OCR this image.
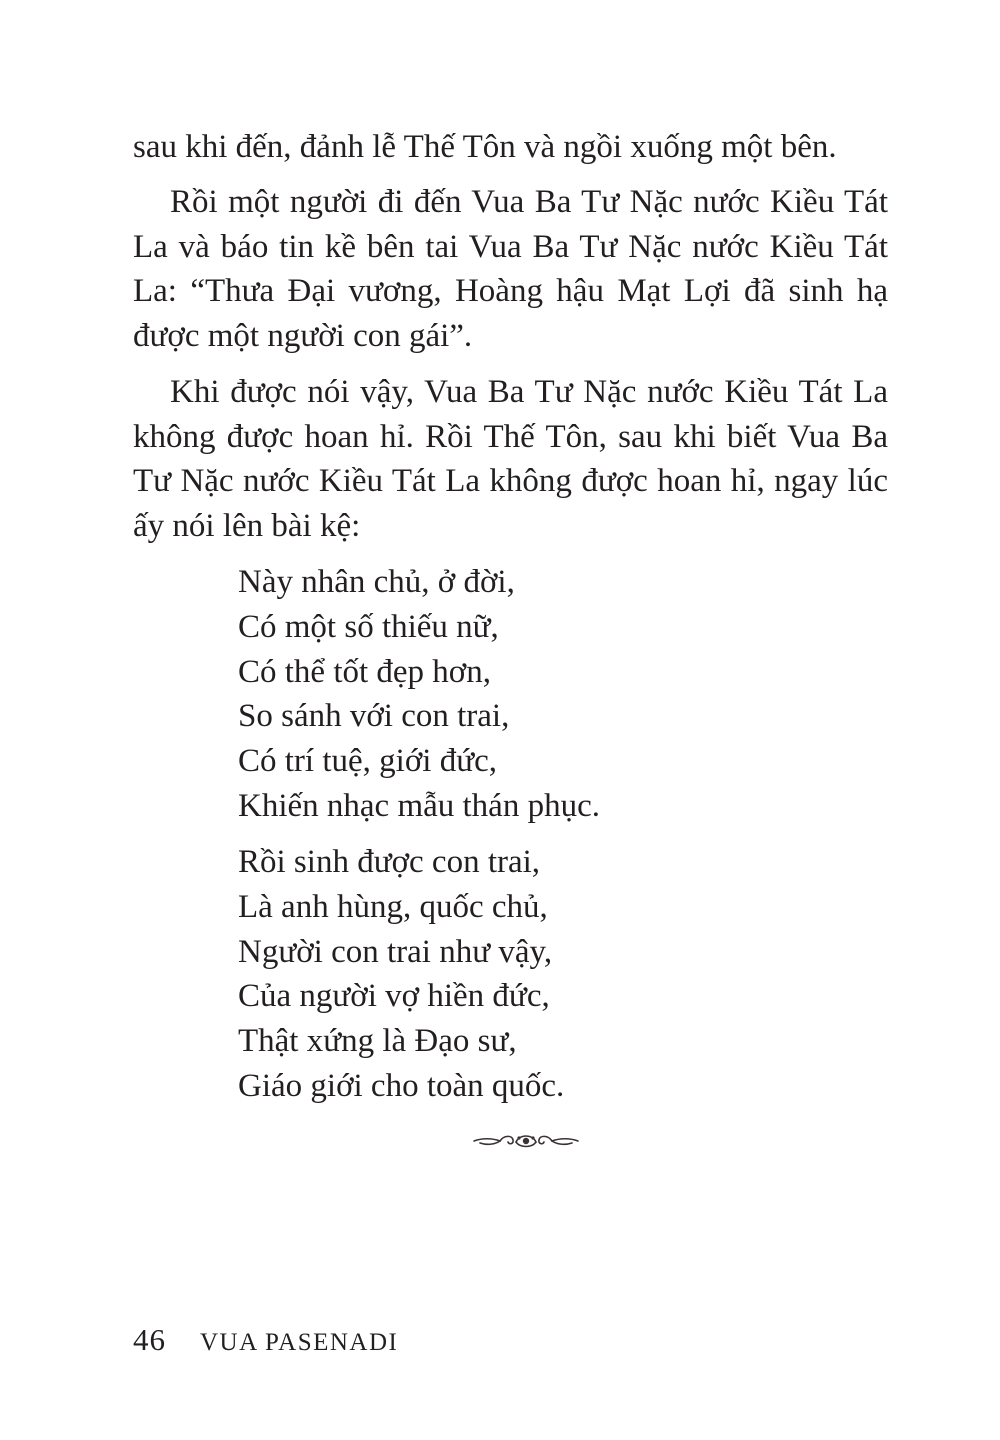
sau khi đến, đảnh lễ Thế Tôn và ngồi xuống một bên.

Rồi một người đi đến Vua Ba Tư Nặc nước Kiều Tát La và báo tin kề bên tai Vua Ba Tư Nặc nước Kiều Tát La: “Thưa Đại vương, Hoàng hậu Mạt Lợi đã sinh hạ được một người con gái”.

Khi được nói vậy, Vua Ba Tư Nặc nước Kiều Tát La không được hoan hỉ. Rồi Thế Tôn, sau khi biết Vua Ba Tư Nặc nước Kiều Tát La không được hoan hỉ, ngay lúc ấy nói lên bài kệ:

Này nhân chủ, ở đời,
Có một số thiếu nữ,
Có thể tốt đẹp hơn,
So sánh với con trai,
Có trí tuệ, giới đức,
Khiến nhạc mẫu thán phục.
Rồi sinh được con trai,
Là anh hùng, quốc chủ,
Người con trai như vậy,
Của người vợ hiền đức,
Thật xứng là Đạo sư,
Giáo giới cho toàn quốc.
46 VUA PASENADI
